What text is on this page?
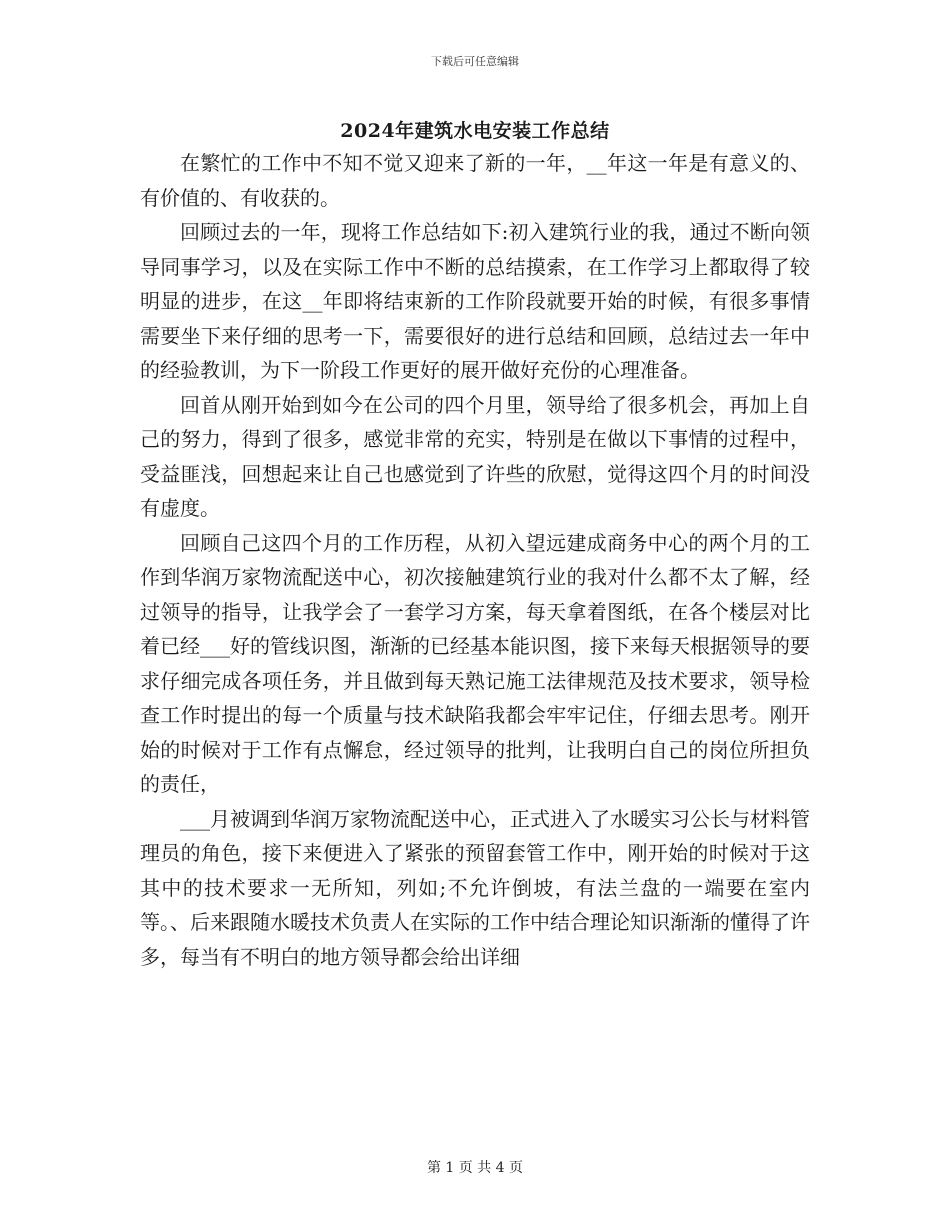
下载后可任意编辑
2024年建筑水电安装工作总结

在繁忙的工作中不知不觉又迎来了新的一年，__年这一年是有意义的、有价值的、有收获的。

回顾过去的一年，现将工作总结如下:初入建筑行业的我，通过不断向领导同事学习，以及在实际工作中不断的总结摸索，在工作学习上都取得了较明显的进步，在这__年即将结束新的工作阶段就要开始的时候，有很多事情需要坐下来仔细的思考一下，需要很好的进行总结和回顾，总结过去一年中的经验教训，为下一阶段工作更好的展开做好充份的心理准备。

回首从刚开始到如今在公司的四个月里，领导给了很多机会，再加上自己的努力，得到了很多，感觉非常的充实，特别是在做以下事情的过程中，受益匪浅，回想起来让自己也感觉到了许些的欣慰，觉得这四个月的时间没有虚度。

回顾自己这四个月的工作历程，从初入望远建成商务中心的两个月的工作到华润万家物流配送中心，初次接触建筑行业的我对什么都不太了解，经过领导的指导，让我学会了一套学习方案，每天拿着图纸，在各个楼层对比着已经___好的管线识图，渐渐的已经基本能识图，接下来每天根据领导的要求仔细完成各项任务，并且做到每天熟记施工法律规范及技术要求，领导检查工作时提出的每一个质量与技术缺陷我都会牢牢记住，仔细去思考。刚开始的时候对于工作有点懈怠，经过领导的批判，让我明白自己的岗位所担负的责任，

___月被调到华润万家物流配送中心，正式进入了水暖实习公长与材料管理员的角色，接下来便进入了紧张的预留套管工作中，刚开始的时候对于这其中的技术要求一无所知，列如;不允许倒坡，有法兰盘的一端要在室内等。、后来跟随水暖技术负责人在实际的工作中结合理论知识渐渐的懂得了许多，每当有不明白的地方领导都会给出详细

第 1 页 共 4 页
